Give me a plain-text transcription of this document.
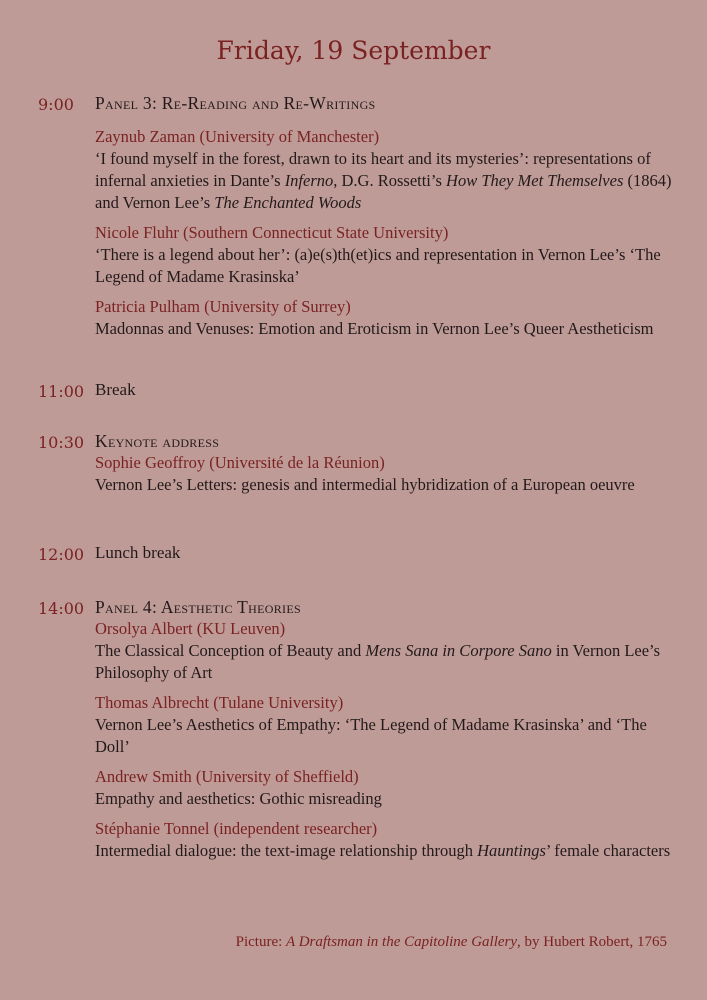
Friday, 19 September
9:00	Panel 3: Re-Reading and Re-Writings
Zaynub Zaman (University of Manchester)
‘I found myself in the forest, drawn to its heart and its mysteries’: representations of infernal anxieties in Dante’s Inferno, D.G. Rossetti’s How They Met Themselves (1864) and Vernon Lee’s The Enchanted Woods
Nicole Fluhr (Southern Connecticut State University)
‘There is a legend about her’: (a)e(s)th(et)ics and representation in Vernon Lee’s ‘The Legend of Madame Krasinska’
Patricia Pulham (University of Surrey)
Madonnas and Venuses: Emotion and Eroticism in Vernon Lee’s Queer Aestheticism
11:00 Break
10:30 Keynote address
Sophie Geoffroy (Université de la Réunion)
Vernon Lee’s Letters: genesis and intermedial hybridization of a European oeuvre
12:00 Lunch break
14:00 Panel 4: Aesthetic Theories
Orsolya Albert (KU Leuven)
The Classical Conception of Beauty and Mens Sana in Corpore Sano in Vernon Lee’s Philosophy of Art
Thomas Albrecht (Tulane University)
Vernon Lee’s Aesthetics of Empathy: ‘The Legend of Madame Krasinska’ and ‘The Doll’
Andrew Smith (University of Sheffield)
Empathy and aesthetics: Gothic misreading
Stéphanie Tonnel (independent researcher)
Intermedial dialogue: the text-image relationship through Hauntings’ female characters
Picture: A Draftsman in the Capitoline Gallery, by Hubert Robert, 1765
